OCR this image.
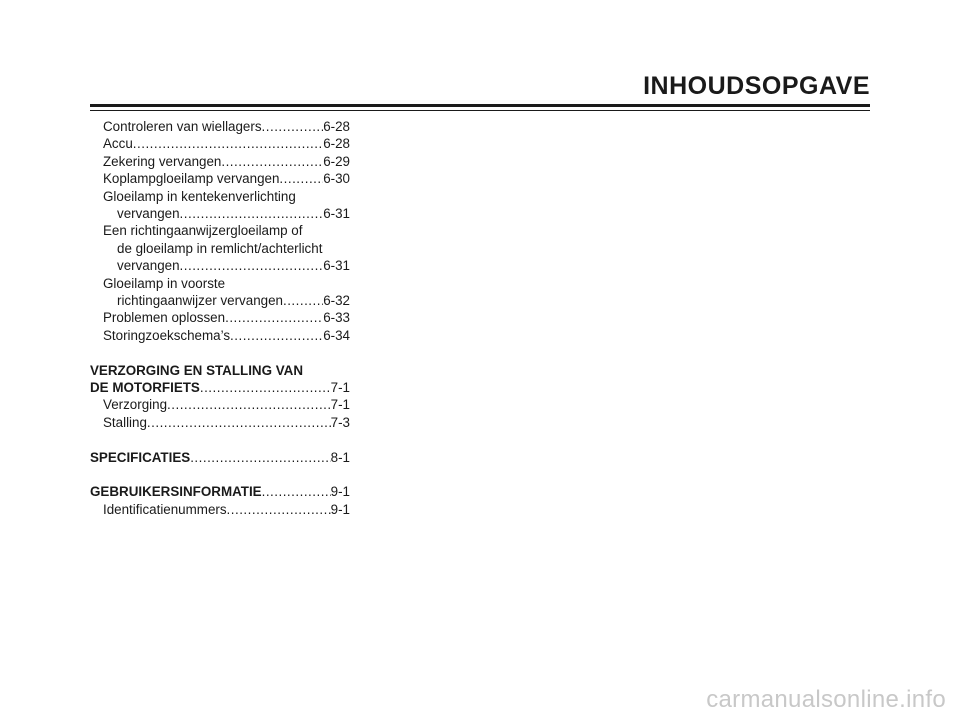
INHOUDSOPGAVE
Controleren van wiellagers .....	6-28
Accu .....	6-28
Zekering vervangen .....	6-29
Koplampgloeilamp vervangen .....	6-30
Gloeilamp in kentekenverlichting
vervangen .....	6-31
Een richtingaanwijzergloeilamp of
de gloeilamp in remlicht/achterlicht
vervangen .....	6-31
Gloeilamp in voorste
richtingaanwijzer vervangen .....	6-32
Problemen oplossen .....	6-33
Storingzoekschema’s .....	6-34
VERZORGING EN STALLING VAN
DE MOTORFIETS .....	7-1
Verzorging .....	7-1
Stalling .....	7-3
SPECIFICATIES .....	8-1
GEBRUIKERSINFORMATIE .....	9-1
Identificatienummers .....	9-1
carmanualsonline.info
